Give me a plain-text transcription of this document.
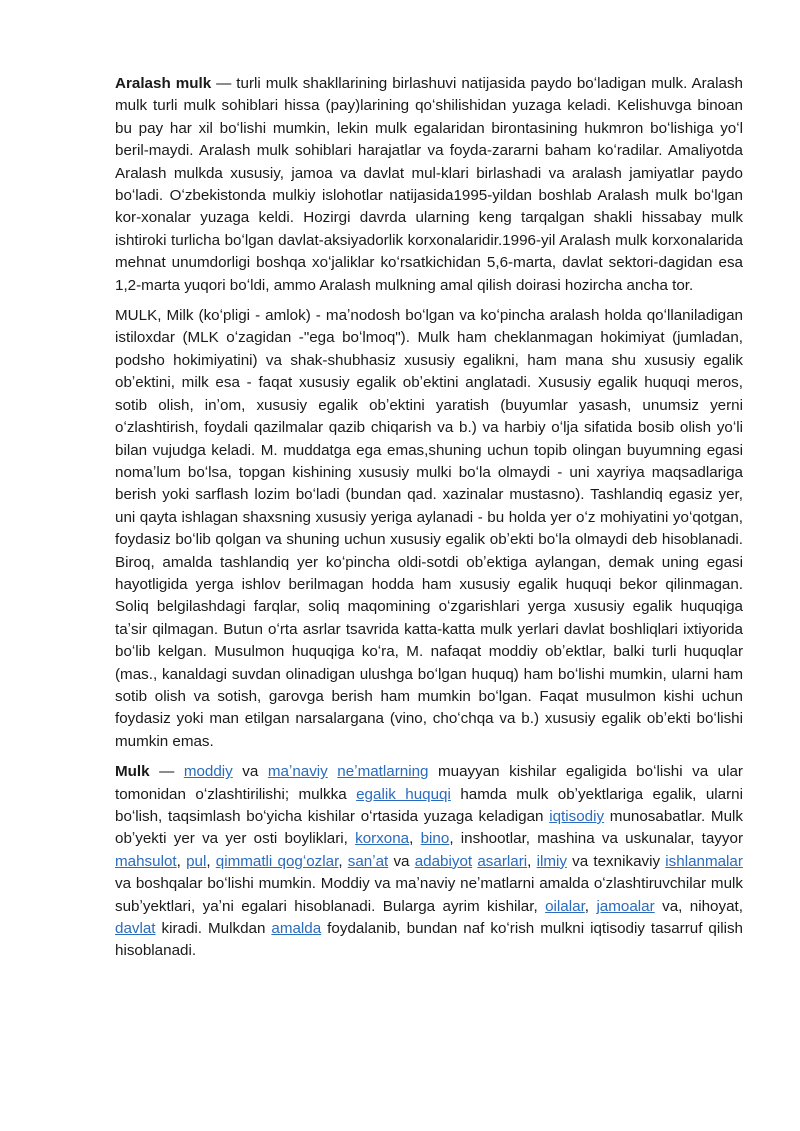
Aralash mulk — turli mulk shakllarining birlashuvi natijasida paydo boʻladigan mulk. Aralash mulk turli mulk sohiblari hissa (pay)larining qoʻshilishidan yuzaga keladi. Kelishuvga binoan bu pay har xil boʻlishi mumkin, lekin mulk egalaridan birontasining hukmron boʻlishiga yoʻl beril-maydi. Aralash mulk sohiblari harajatlar va foyda-zararni baham koʻradilar. Amaliyotda Aralash mulkda xususiy, jamoa va davlat mul-klari birlashadi va aralash jamiyatlar paydo boʻladi. Oʻzbekistonda mulkiy islohotlar natijasida1995-yildan boshlab Aralash mulk boʻlgan kor-xonalar yuzaga keldi. Hozirgi davrda ularning keng tarqalgan shakli hissabay mulk ishtiroki turlicha boʻlgan davlat-aksiyadorlik korxonalaridir.1996-yil Aralash mulk korxonalarida mehnat unumdorligi boshqa xoʻjaliklar koʻrsatkichidan 5,6-marta, davlat sektori-dagidan esa 1,2-marta yuqori boʻldi, ammo Aralash mulkning amal qilish doirasi hozircha ancha tor.

MULK, Milk (koʻpligi - amlok) - maʼnodosh boʻlgan va koʻpincha aralash holda qoʻllaniladigan istiloxdar (MLK oʻzagidan -"ega boʻlmoq"). Mulk ham cheklanmagan hokimiyat (jumladan, podsho hokimiyatini) va shak-shubhasiz xususiy egalikni, ham mana shu xususiy egalik obʼektini, milk esa - faqat xususiy egalik obʼektini anglatadi. Xususiy egalik huquqi meros, sotib olish, inʼom, xususiy egalik obʼektini yaratish (buyumlar yasash, unumsiz yerni oʻzlashtirish, foydali qazilmalar qazib chiqarish va b.) va harbiy oʻlja sifatida bosib olish yoʻli bilan vujudga keladi. M. muddatga ega emas,shuning uchun topib olingan buyumning egasi nomaʼlum boʻlsa, topgan kishining xususiy mulki boʻla olmaydi - uni xayriya maqsadlariga berish yoki sarflash lozim boʻladi (bundan qad. xazinalar mustasno). Tashlandiq egasiz yer, uni qayta ishlagan shaxsning xususiy yeriga aylanadi - bu holda yer oʻz mohiyatini yoʻqotgan, foydasiz boʻlib qolgan va shuning uchun xususiy egalik obʼekti boʻla olmaydi deb hisoblanadi. Biroq, amalda tashlandiq yer koʻpincha oldi-sotdi obʼektiga aylangan, demak uning egasi hayotligida yerga ishlov berilmagan hodda ham xususiy egalik huquqi bekor qilinmagan. Soliq belgilashdagi farqlar, soliq maqomining oʻzgarishlari yerga xususiy egalik huquqiga taʼsir qilmagan. Butun oʻrta asrlar tsavrida katta-katta mulk yerlari davlat boshliqlari ixtiyorida boʻlib kelgan. Musulmon huquqiga koʻra, M. nafaqat moddiy obʼektlar, balki turli huquqlar (mas., kanaldagi suvdan olinadigan ulushga boʻlgan huquq) ham boʻlishi mumkin, ularni ham sotib olish va sotish, garovga berish ham mumkin boʻlgan. Faqat musulmon kishi uchun foydasiz yoki man etilgan narsalargana (vino, choʻchqa va b.) xususiy egalik obʼekti boʻlishi mumkin emas.

Mulk — moddiy va maʼnaviy neʼmatlarning muayyan kishilar egaligida boʻlishi va ular tomonidan oʻzlashtirilishi; mulkka egalik huquqi hamda mulk obʼyektlariga egalik, ularni boʻlish, taqsimlash boʻyicha kishilar oʻrtasida yuzaga keladigan iqtisodiy munosabatlar. Mulk obʼyekti yer va yer osti boyliklari, korxona, bino, inshootlar, mashina va uskunalar, tayyor mahsulot, pul, qimmatli qogʻozlar, sanʼat va adabiyot asarlari, ilmiy va texnikaviy ishlanmalar va boshqalar boʻlishi mumkin. Moddiy va maʼnaviy neʼmatlarni amalda oʻzlashtiruvchilar mulk subʼyektlari, yaʼni egalari hisoblanadi. Bularga ayrim kishilar, oilalar, jamoalar va, nihoyat, davlat kiradi. Mulkdan amalda foydalanib, bundan naf koʻrish mulkni iqtisodiy tasarruf qilish hisoblanadi.
